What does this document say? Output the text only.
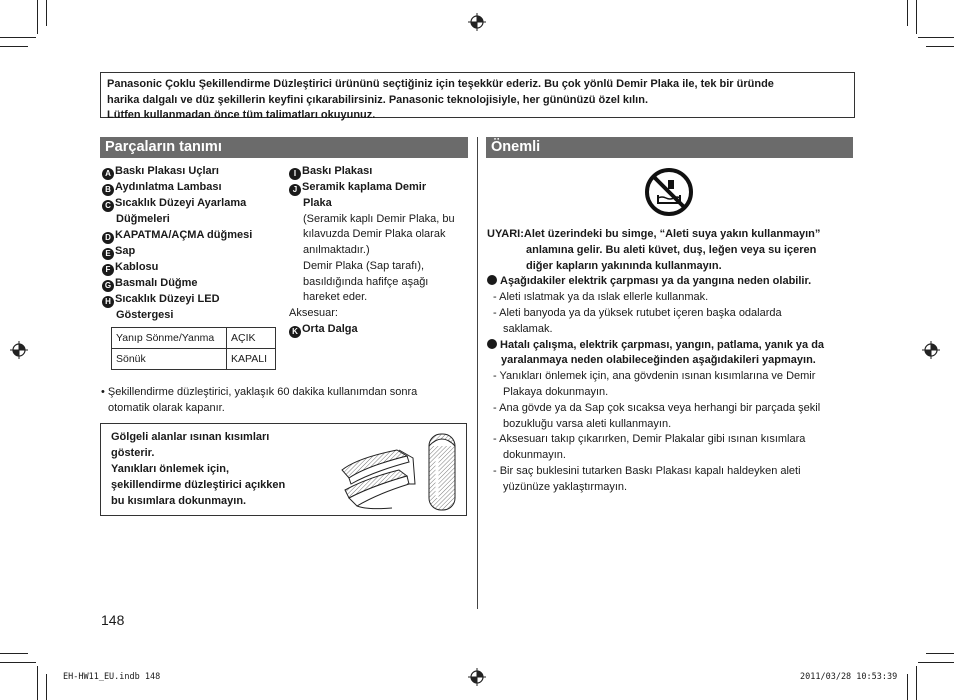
Panasonic Çoklu Şekillendirme Düzleştirici ürününü seçtiğiniz için teşekkür ederiz. Bu çok yönlü Demir Plaka ile, tek bir üründe
harika dalgalı ve düz şekillerin keyfini çıkarabilirsiniz. Panasonic teknolojisiyle, her gününüzü özel kılın.
Lütfen kullanmadan önce tüm talimatları okuyunuz.
Parçaların tanımı	Önemli
A Baskı Plakası Uçları
B Aydınlatma Lambası
C Sıcaklık Düzeyi Ayarlama
Düğmeleri
D KAPATMA/AÇMA düğmesi
E Sap
F Kablosu
G Basmalı Düğme
H Sıcaklık Düzeyi LED
Göstergesi
I Baskı Plakası
J Seramik kaplama Demir
Plaka
(Seramik kaplı Demir Plaka, bu
kılavuzda Demir Plaka olarak
anılmaktadır.)
Demir Plaka (Sap tarafı),
basıldığında hafifçe aşağı
hareket eder.
Aksesuar:
K Orta Dalga
Yanıp Sönme/Yanma	AÇIK
Sönük	KAPALI
• Şekillendirme düzleştirici, yaklaşık 60 dakika kullanımdan sonra
otomatik olarak kapanır.
Gölgeli alanlar ısınan kısımları
gösterir.
Yanıkları önlemek için,
şekillendirme düzleştirici açıkken
bu kısımlara dokunmayın.
UYARI:Alet üzerindeki bu simge, “Aleti suya yakın kullanmayın”
anlamına gelir. Bu aleti küvet, duş, leğen veya su içeren
diğer kapların yakınında kullanmayın.
Aşağıdakiler elektrik çarpması ya da yangına neden olabilir.
- Aleti ıslatmak ya da ıslak ellerle kullanmak.
- Aleti banyoda ya da yüksek rutubet içeren başka odalarda
saklamak.
Hatalı çalışma, elektrik çarpması, yangın, patlama, yanık ya da
yaralanmaya neden olabileceğinden aşağıdakileri yapmayın.
- Yanıkları önlemek için, ana gövdenin ısınan kısımlarına ve Demir
Plakaya dokunmayın.
- Ana gövde ya da Sap çok sıcaksa veya herhangi bir parçada şekil
bozukluğu varsa aleti kullanmayın.
- Aksesuarı takıp çıkarırken, Demir Plakalar gibi ısınan kısımlara
dokunmayın.
- Bir saç buklesini tutarken Baskı Plakası kapalı haldeyken aleti
yüzünüze yaklaştırmayın.
148
EH-HW11_EU.indb 148	2011/03/28 10:53:39
